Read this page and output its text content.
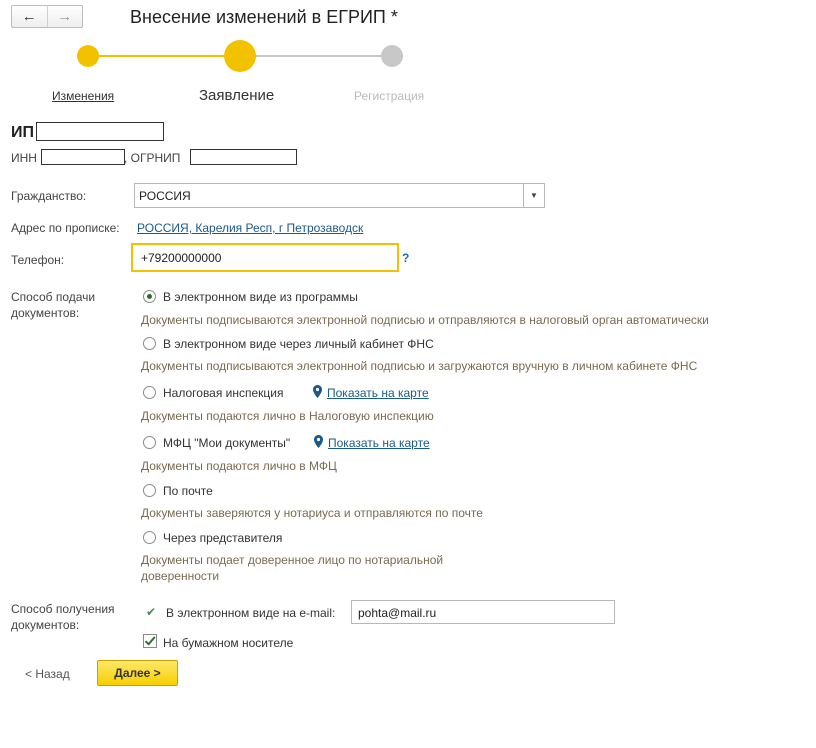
←	→	Внесение изменений в ЕГРИП *
Изменения	Заявление	Регистрация
ИП
ИНН	, ОГРНИП
Гражданство:	РОССИЯ	▼
Адрес по прописке: РОССИЯ, Карелия Респ, г Петрозаводск
Телефон:	+79200000000	?
Способ подачи
документов:
В электронном виде из программы
Документы подписываются электронной подписью и отправляются в налоговый орган автоматически
В электронном виде через личный кабинет ФНС
Документы подписываются электронной подписью и загружаются вручную в личном кабинете ФНС
Налоговая инспекция	Показать на карте
Документы подаются лично в Налоговую инспекцию
МФЦ "Мои документы"	Показать на карте
Документы подаются лично в МФЦ
По почте
Документы заверяются у нотариуса и отправляются по почте
Через представителя
Документы подает доверенное лицо по нотариальной
доверенности
Способ получения
документов:
✔ В электронном виде на e-mail: pohta@mail.ru
На бумажном носителе
< Назад	Далее >
